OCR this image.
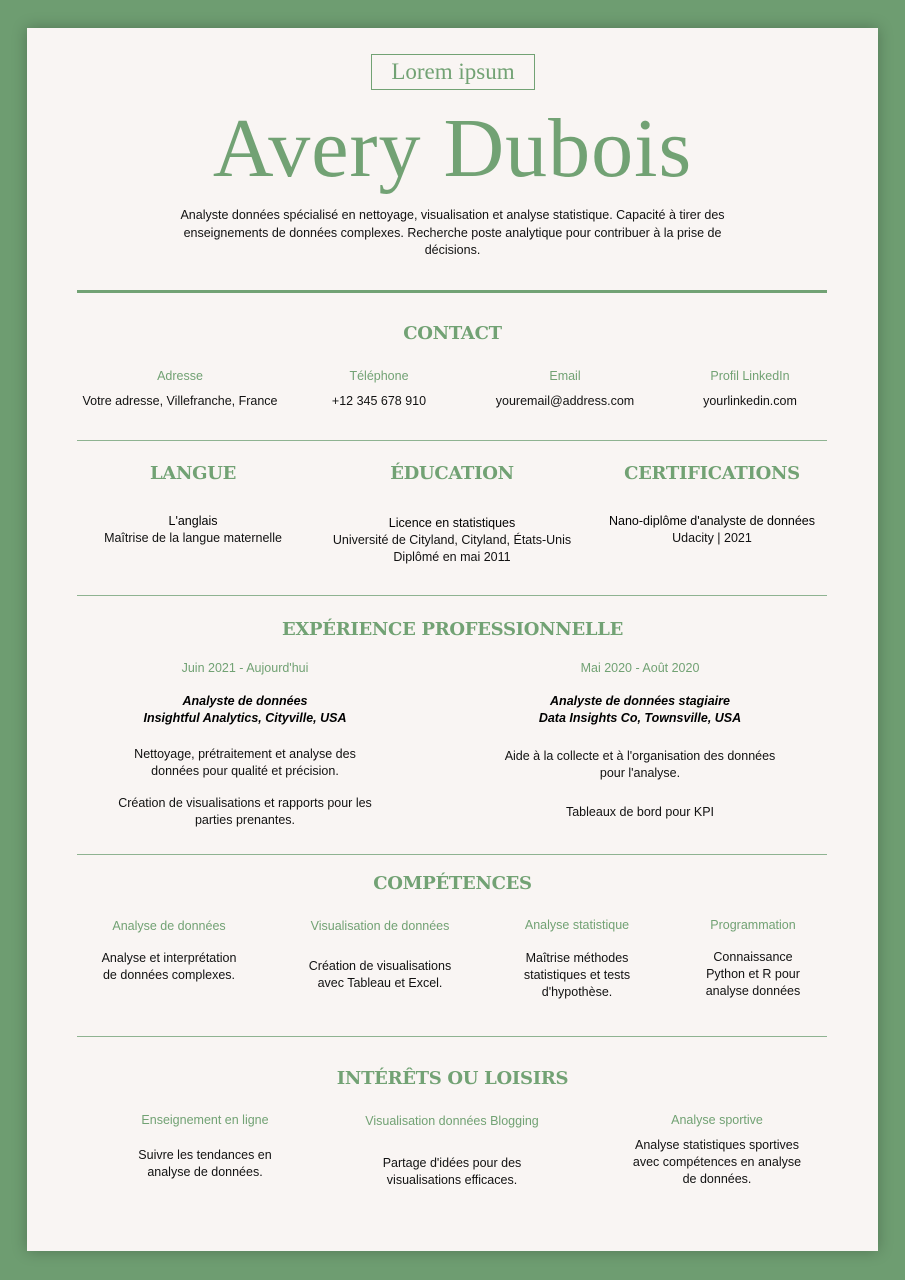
Lorem ipsum
Avery Dubois
Analyste données spécialisé en nettoyage, visualisation et analyse statistique. Capacité à tirer des enseignements de données complexes. Recherche poste analytique pour contribuer à la prise de décisions.
CONTACT
Adresse
Votre adresse, Villefranche, France
Téléphone
+12 345 678 910
Email
youremail@address.com
Profil LinkedIn
yourlinkedin.com
LANGUE
L'anglais
Maîtrise de la langue maternelle
ÉDUCATION
Licence en statistiques
Université de Cityland, Cityland, États-Unis
Diplômé en mai 2011
CERTIFICATIONS
Nano-diplôme d'analyste de données
Udacity | 2021
EXPÉRIENCE PROFESSIONNELLE
Juin 2021 - Aujourd'hui
Analyste de données
Insightful Analytics, Cityville, USA
Nettoyage, prétraitement et analyse des données pour qualité et précision.
Création de visualisations et rapports pour les parties prenantes.
Mai 2020 - Août 2020
Analyste de données stagiaire
Data Insights Co, Townsville, USA
Aide à la collecte et à l'organisation des données pour l'analyse.
Tableaux de bord pour KPI
COMPÉTENCES
Analyse de données
Analyse et interprétation de données complexes.
Visualisation de données
Création de visualisations avec Tableau et Excel.
Analyse statistique
Maîtrise méthodes statistiques et tests d'hypothèse.
Programmation
Connaissance Python et R pour analyse données
INTÉRÊTS OU LOISIRS
Enseignement en ligne
Suivre les tendances en analyse de données.
Visualisation données Blogging
Partage d'idées pour des visualisations efficaces.
Analyse sportive
Analyse statistiques sportives avec compétences en analyse de données.
